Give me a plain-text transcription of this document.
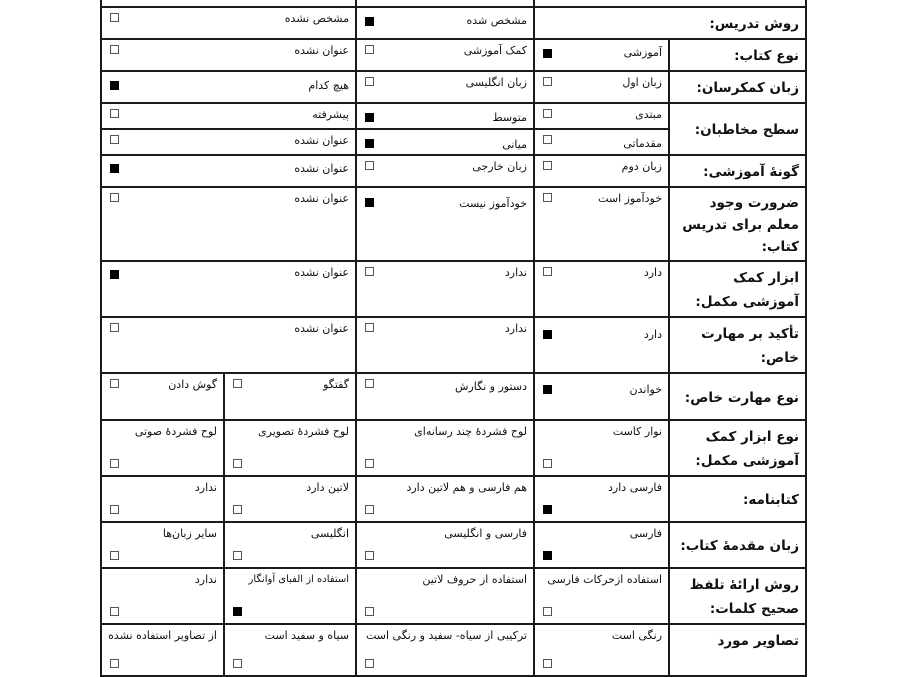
روش تدریس:		مشخص شده	مشخص نشده	

نوع کتاب:	آموزشی	کمک آموزشی	عنوان نشده	

زبان کمکرسان:	زبان اول	زبان انگلیسی	هیچ کدام	

سطح مخاطبان:	مبتدی	متوسط	پیشرفته	

	مقدماتی	میانی	عنوان نشده	

گونهٔ آموزشی:	زبان دوم	زبان خارجی	عنوان نشده	

ضرورت وجود معلم برای تدریس کتاب:	خودآموز است	خودآموز نیست	عنوان نشده	

ابزار کمک آموزشی مکمل:	دارد	ندارد	عنوان نشده	

تأکید بر مهارت خاص:	دارد	ندارد	عنوان نشده	

نوع مهارت خاص:	خواندن	دستور و نگارش	گفتگو	گوش دادن

نوع ابزار کمک آموزشی مکمل:	نوار کاست	لوح فشردهٔ چند رسانه‌ای	لوح فشردهٔ تصویری	لوح فشردهٔ صوتی

کتابنامه:	فارسی دارد	هم فارسی و هم لاتین دارد	لاتین دارد	ندارد

زبان مقدمهٔ کتاب:	فارسی	فارسی و انگلیسی	انگلیسی	سایر زبان‌ها

روش ارائهٔ تلفظ صحیح کلمات:	استفاده ازحرکات فارسی	استفاده از حروف لاتین	استفاده از الفبای آوانگار	ندارد

تصاویر مورد	رنگی است	ترکیبی از سیاه- سفید و رنگی است	سیاه و سفید است	از تصاویر استفاده نشده
